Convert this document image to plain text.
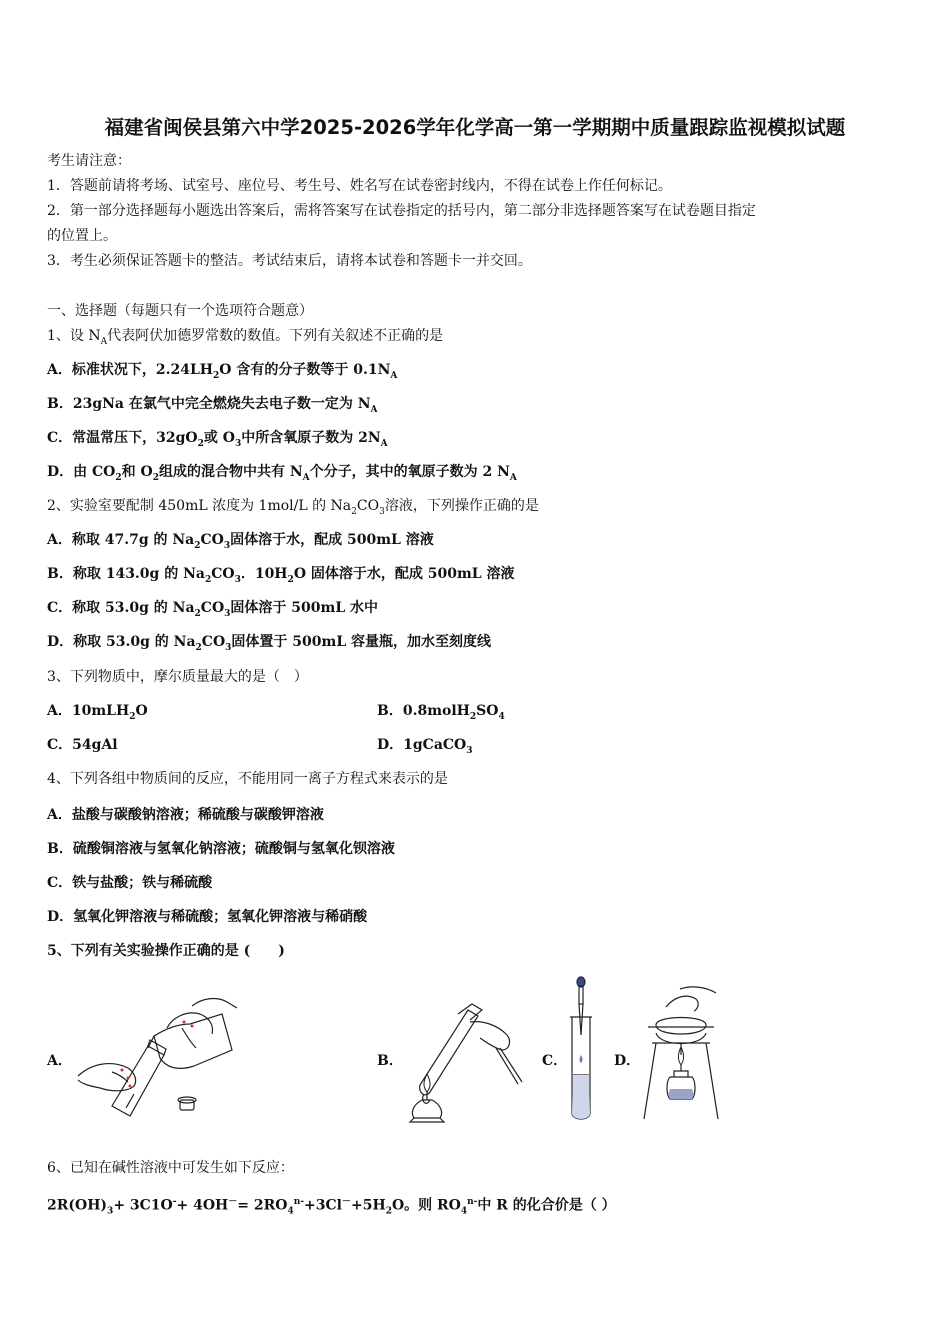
福建省闽侯县第六中学2025-2026学年化学高一第一学期期中质量跟踪监视模拟试题
考生请注意：
1．答题前请将考场、试室号、座位号、考生号、姓名写在试卷密封线内，不得在试卷上作任何标记。
2．第一部分选择题每小题选出答案后，需将答案写在试卷指定的括号内，第二部分非选择题答案写在试卷题目指定
的位置上。
3．考生必须保证答题卡的整洁。考试结束后，请将本试卷和答题卡一并交回。
一、选择题（每题只有一个选项符合题意）
1、设 $N_A$代表阿伏加德罗常数的数值。下列有关叙述不正确的是
A．标准状况下，$2.24LH_2O$ 含有的分子数等于 $0.1N_A$
B．23gNa 在氯气中完全燃烧失去电子数一定为 $N_A$
C．常温常压下，$32gO_2$或 $O_3$中所含氧原子数为 $2N_A$
D．由 $CO_2$和 $O_2$组成的混合物中共有 $N_A$个分子，其中的氧原子数为 2 $N_A$
2、实验室要配制 450mL 浓度为 1mol/L 的 $Na_2CO_3$溶液，下列操作正确的是
A．称取 47.7g 的 $Na_2CO_3$固体溶于水，配成 500mL 溶液
B．称取 143.0g 的 $Na_2CO_3$．$10H_2O$ 固体溶于水，配成 500mL 溶液
C．称取 53.0g 的 $Na_2CO_3$固体溶于 500mL 水中
D．称取 53.0g 的 $Na_2CO_3$固体置于 500mL 容量瓶，加水至刻度线
3、下列物质中，摩尔质量最大的是（　）
A．10mLH$_2$O	B．$0.8molH_2SO_4$
C．54gAl	D．1gCaCO$_3$
4、下列各组中物质间的反应，不能用同一离子方程式来表示的是
A．盐酸与碳酸钠溶液；稀硫酸与碳酸钾溶液
B．硫酸铜溶液与氢氧化钠溶液；硫酸铜与氢氧化钡溶液
C．铁与盐酸；铁与稀硫酸
D．氢氧化钾溶液与稀硫酸；氢氧化钾溶液与稀硝酸
5、下列有关实验操作正确的是 (　　)
A．	B．	C．	D．
6、已知在碱性溶液中可发生如下反应：
$2R(OH)_3+ 3C1O^-+ 4OH^-= 2RO_4^{n-}+3Cl^-+5H_2O$。则 $RO_4^{n-}$中 R 的化合价是（ ）
